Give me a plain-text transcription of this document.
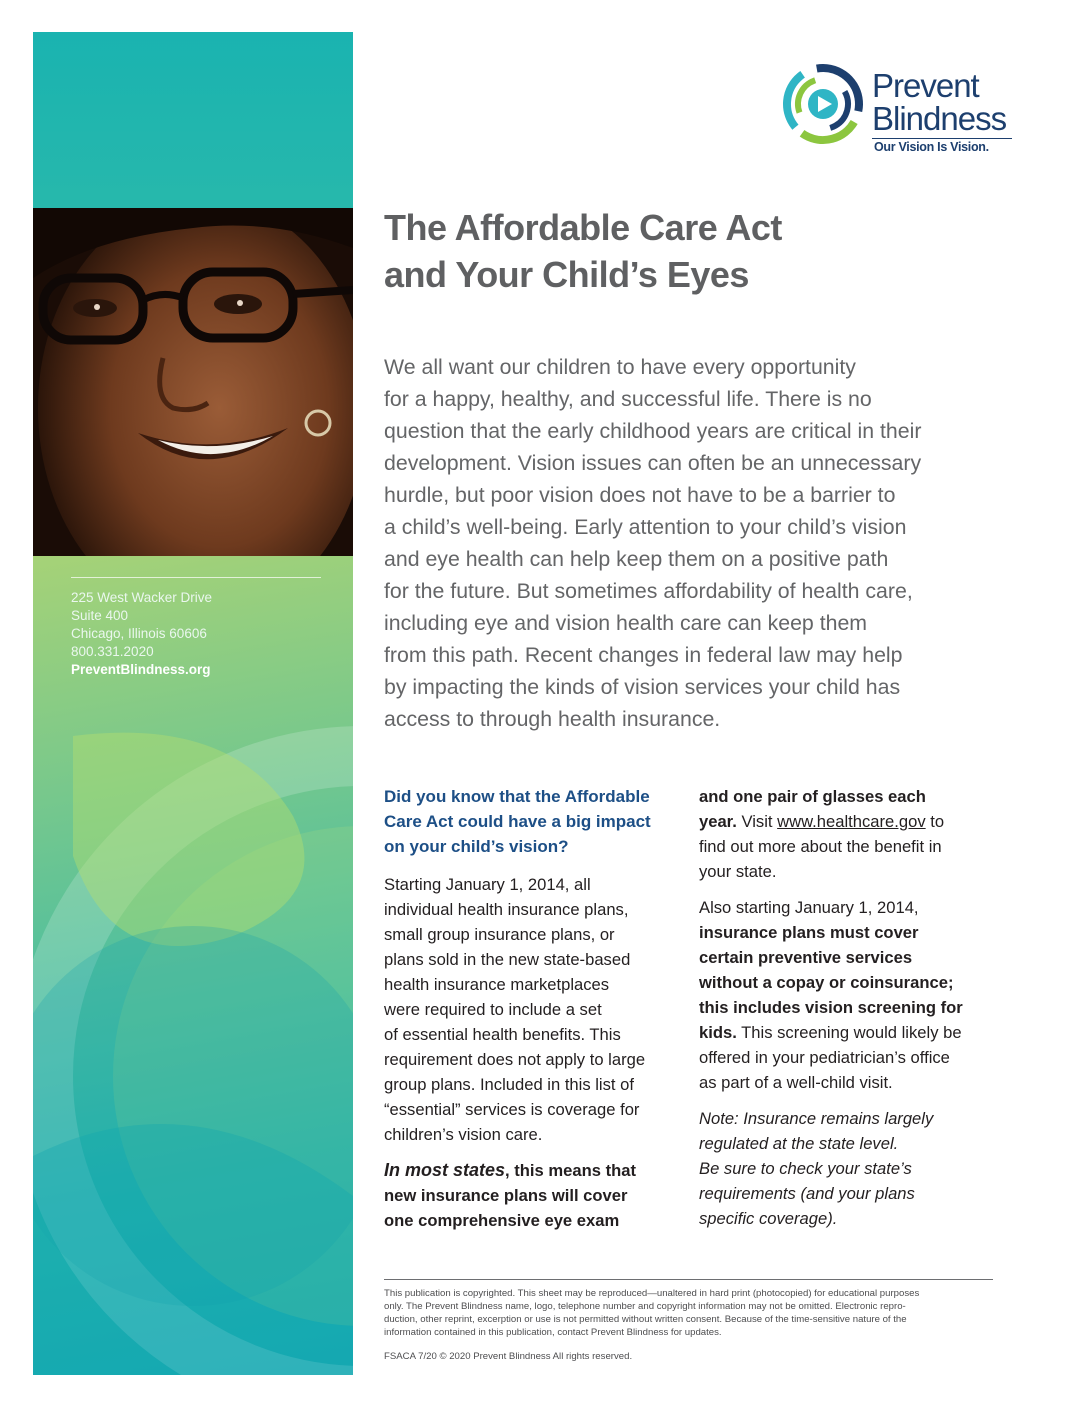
225 West Wacker Drive
Suite 400
Chicago, Illinois 60606
800.331.2020
PreventBlindness.org
Prevent
Blindness
Our Vision Is Vision.
The Affordable Care Act
and Your Child’s Eyes
We all want our children to have every opportunity
for a happy, healthy, and successful life. There is no
question that the early childhood years are critical in their
development. Vision issues can often be an unnecessary
hurdle, but poor vision does not have to be a barrier to
a child’s well-being. Early attention to your child’s vision
and eye health can help keep them on a positive path
for the future. But sometimes affordability of health care,
including eye and vision health care can keep them
from this path. Recent changes in federal law may help
by impacting the kinds of vision services your child has
access to through health insurance.
Did you know that the Affordable
Care Act could have a big impact
on your child’s vision?
Starting January 1, 2014, all
individual health insurance plans,
small group insurance plans, or
plans sold in the new state-based
health insurance marketplaces
were required to include a set
of essential health benefits. This
requirement does not apply to large
group plans. Included in this list of
“essential” services is coverage for
children’s vision care.
In most states, this means that
new insurance plans will cover
one comprehensive eye exam
and one pair of glasses each
year. Visit www.healthcare.gov to
find out more about the benefit in
your state.
Also starting January 1, 2014,
insurance plans must cover
certain preventive services
without a copay or coinsurance;
this includes vision screening for
kids. This screening would likely be
offered in your pediatrician’s office
as part of a well-child visit.
Note: Insurance remains largely
regulated at the state level.
Be sure to check your state’s
requirements (and your plans
specific coverage).
This publication is copyrighted. This sheet may be reproduced—unaltered in hard print (photocopied) for educational purposes
only. The Prevent Blindness name, logo, telephone number and copyright information may not be omitted. Electronic repro-
duction, other reprint, excerption or use is not permitted without written consent. Because of the time-sensitive nature of the
information contained in this publication, contact Prevent Blindness for updates.
FSACA 7/20 © 2020 Prevent Blindness All rights reserved.
